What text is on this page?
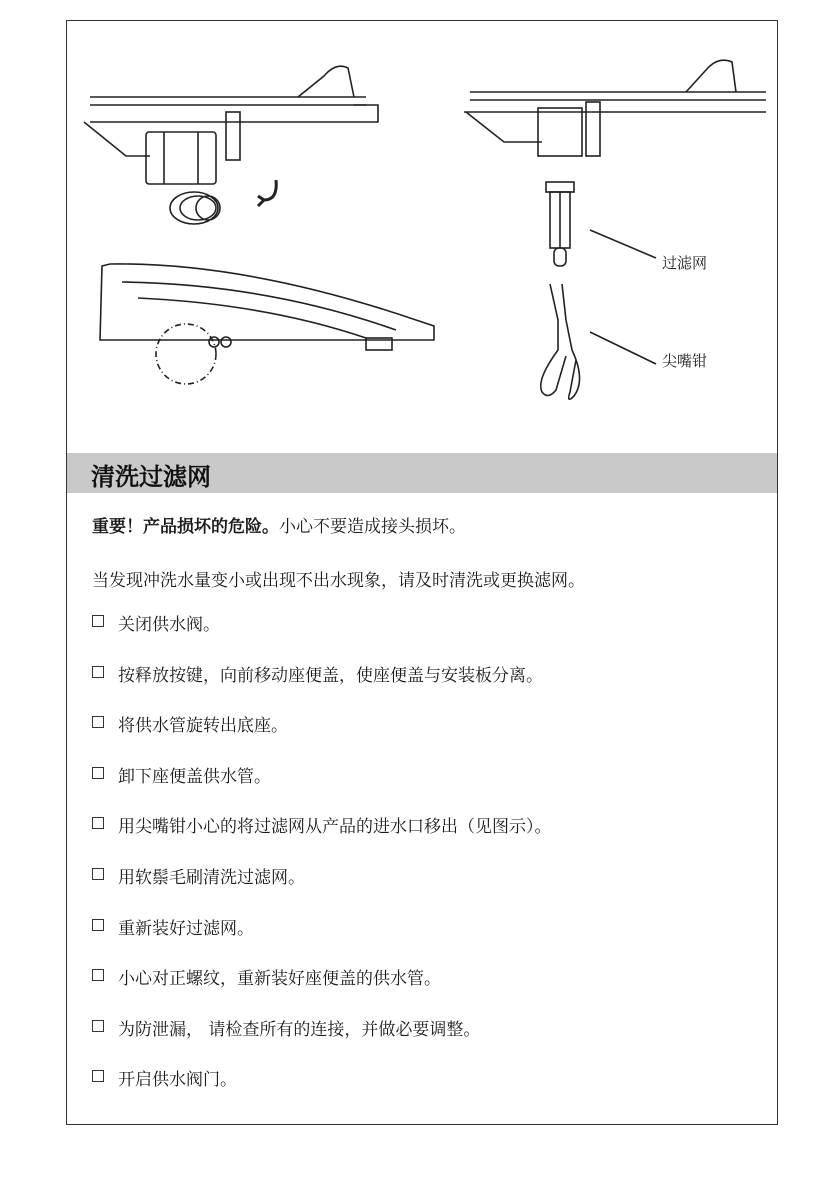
过滤网
尖嘴钳
清洗过滤网

重要！产品损坏的危险。小心不要造成接头损坏。

当发现冲洗水量变小或出现不出水现象，请及时清洗或更换滤网。

关闭供水阀。
按释放按键，向前移动座便盖，使座便盖与安装板分离。
将供水管旋转出底座。
卸下座便盖供水管。
用尖嘴钳小心的将过滤网从产品的进水口移出（见图示）。
用软鬃毛刷清洗过滤网。
重新装好过滤网。
小心对正螺纹，重新装好座便盖的供水管。
为防泄漏， 请检查所有的连接，并做必要调整。
开启供水阀门。
